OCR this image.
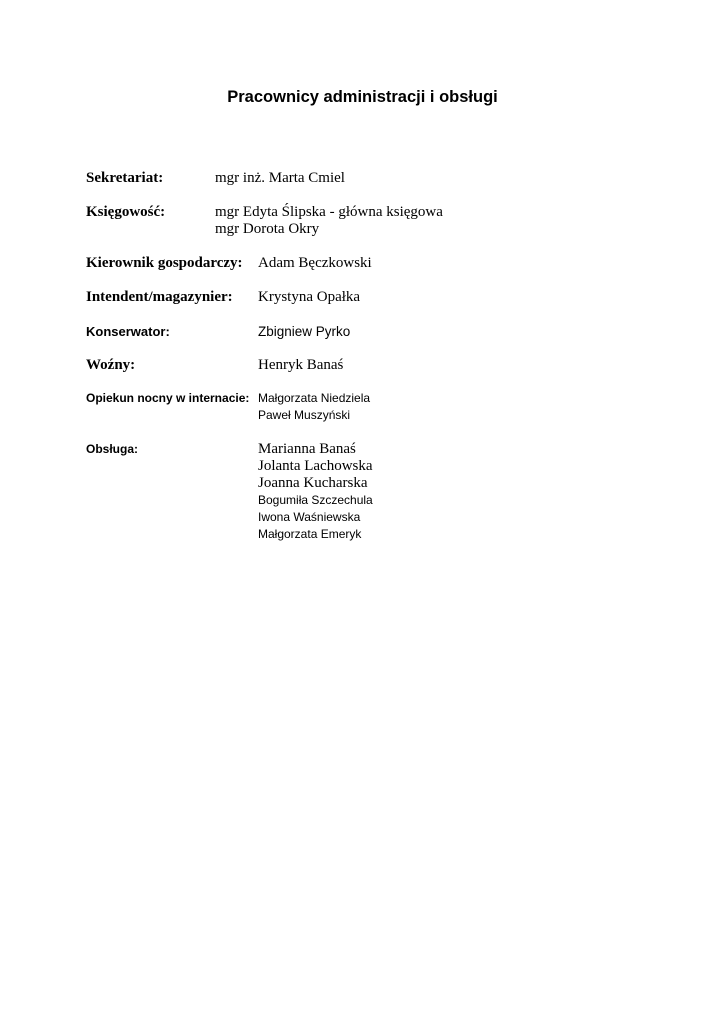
Pracownicy administracji i obsługi
Sekretariat:	mgr inż. Marta Cmiel
Księgowość:	mgr Edyta Ślipska - główna księgowa
mgr Dorota Okry
Kierownik gospodarczy: Adam Bęczkowski
Intendent/magazynier: Krystyna Opałka
Konserwator:	Zbigniew Pyrko
Woźny:	Henryk Banaś
Opiekun nocny w internacie: Małgorzata Niedziela
Paweł Muszyński
Obsługa:	Marianna Banaś
Jolanta Lachowska
Joanna Kucharska
Bogumiła Szczechula
Iwona Waśniewska
Małgorzata Emeryk
